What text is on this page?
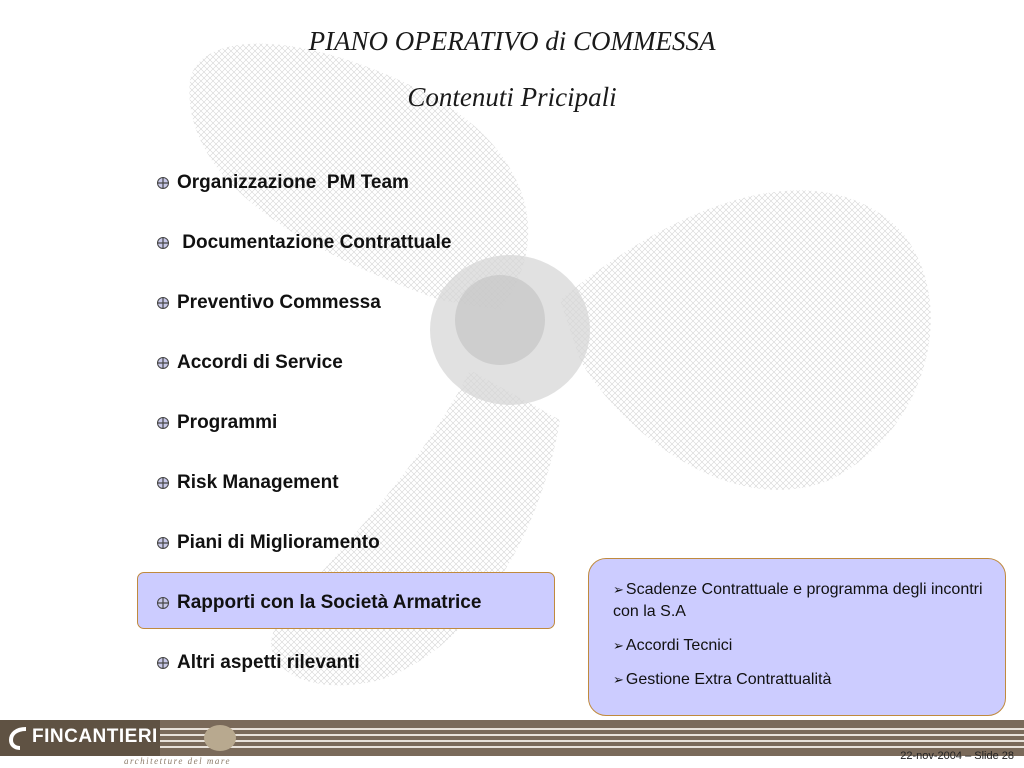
PIANO OPERATIVO di COMMESSA
Contenuti Pricipali
Organizzazione  PM Team
Documentazione Contrattuale
Preventivo Commessa
Accordi di Service
Programmi
Risk Management
Piani di Miglioramento
Rapporti con la Società Armatrice
Altri aspetti rilevanti
➢ Scadenze Contrattuale e programma degli incontri con la S.A
➢ Accordi Tecnici
➢ Gestione Extra Contrattualità
FINCANTIERI
architetture del mare	22-nov-2004 – Slide 28
